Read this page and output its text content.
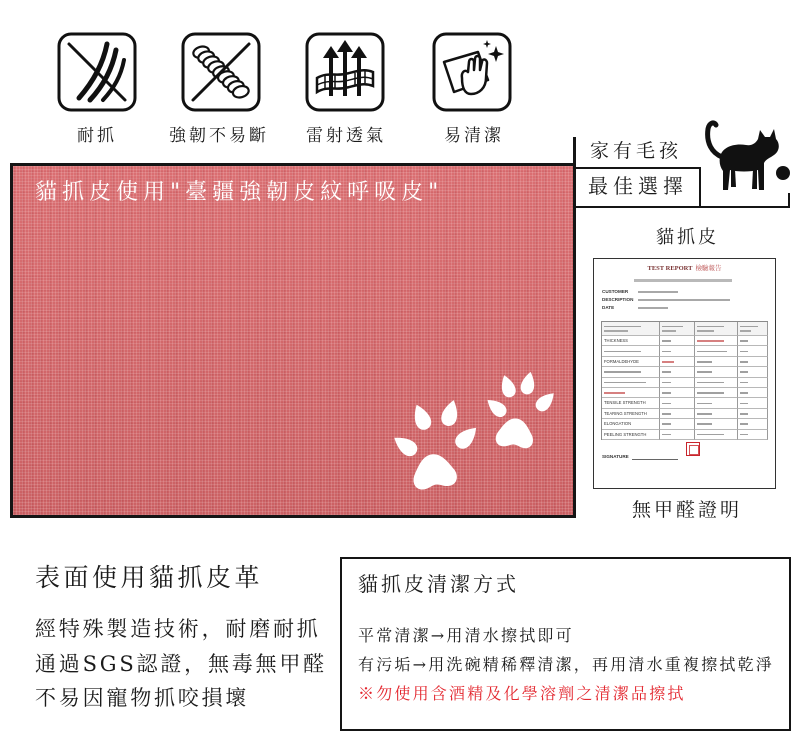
耐抓	強韌不易斷	雷射透氣	易清潔
家有毛孩
最佳選擇
貓抓皮使用"臺疆強韌皮紋呼吸皮"
貓抓皮
TEST REPORT 檢驗報告
CUSTOMER
DESCRIPTION
DATE
THICKNESS
FORMALDEHYDE
TENSILE STRENGTH
TEARING STRENGTH
ELONGATION
PEELING STRENGTH
SIGNATURE
無甲醛證明
表面使用貓抓皮革
經特殊製造技術，耐磨耐抓
通過SGS認證，無毒無甲醛
不易因寵物抓咬損壞
貓抓皮清潔方式
平常清潔→用清水擦拭即可
有污垢→用洗碗精稀釋清潔，再用清水重複擦拭乾淨
※勿使用含酒精及化學溶劑之清潔品擦拭
